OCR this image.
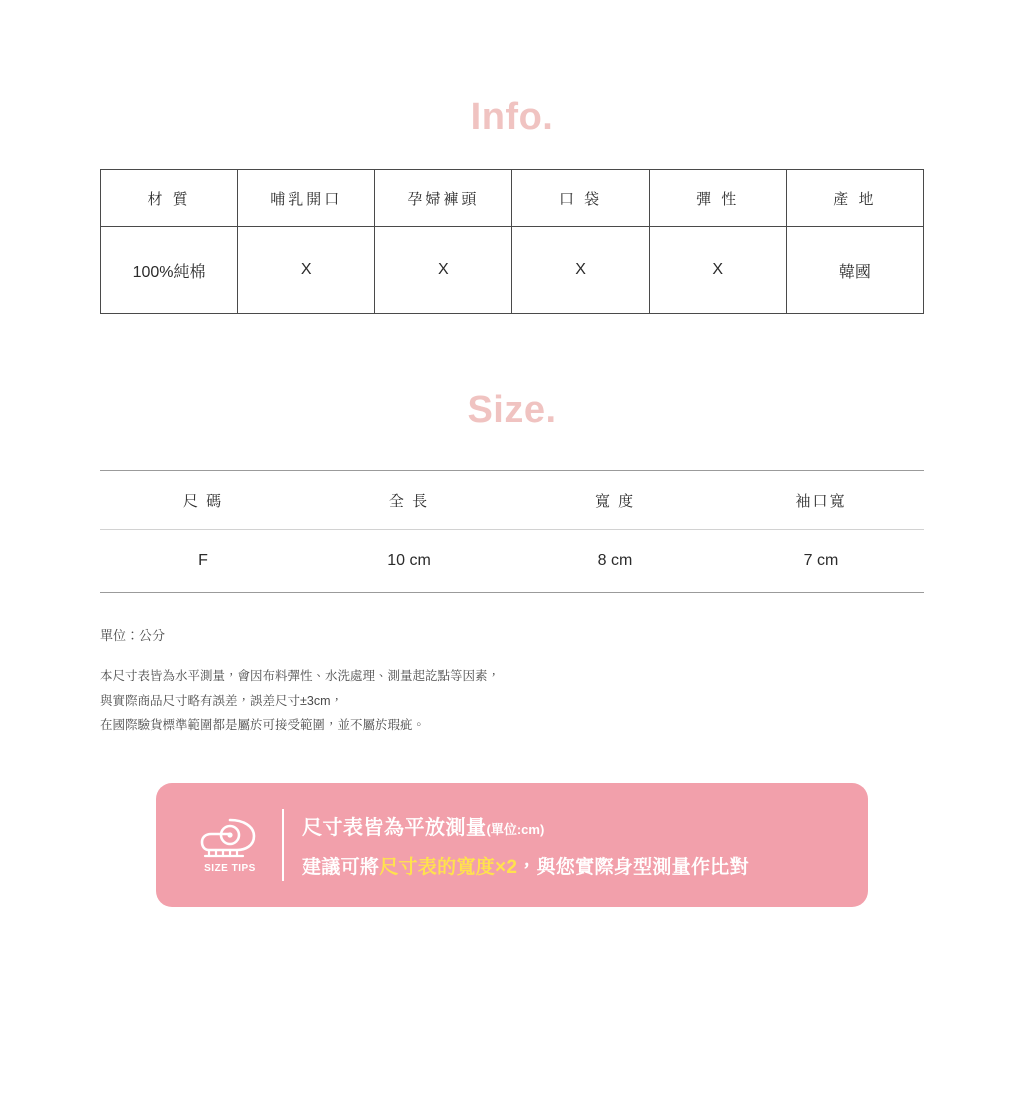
Info.
材 質	哺乳開口	孕婦褲頭	口 袋	彈 性	產 地
100%純棉	X	X	X	X	韓國
Size.
尺 碼	全 長	寬 度	袖口寬
F	10 cm	8 cm	7 cm
單位：公分

本尺寸表皆為水平測量，會因布料彈性、水洗處理、測量起訖點等因素，

與實際商品尺寸略有誤差，誤差尺寸±3cm，

在國際驗貨標準範圍都是屬於可接受範圍，並不屬於瑕疵。

SIZE TIPS
尺寸表皆為平放測量(單位:cm)
建議可將尺寸表的寬度×2，與您實際身型測量作比對
